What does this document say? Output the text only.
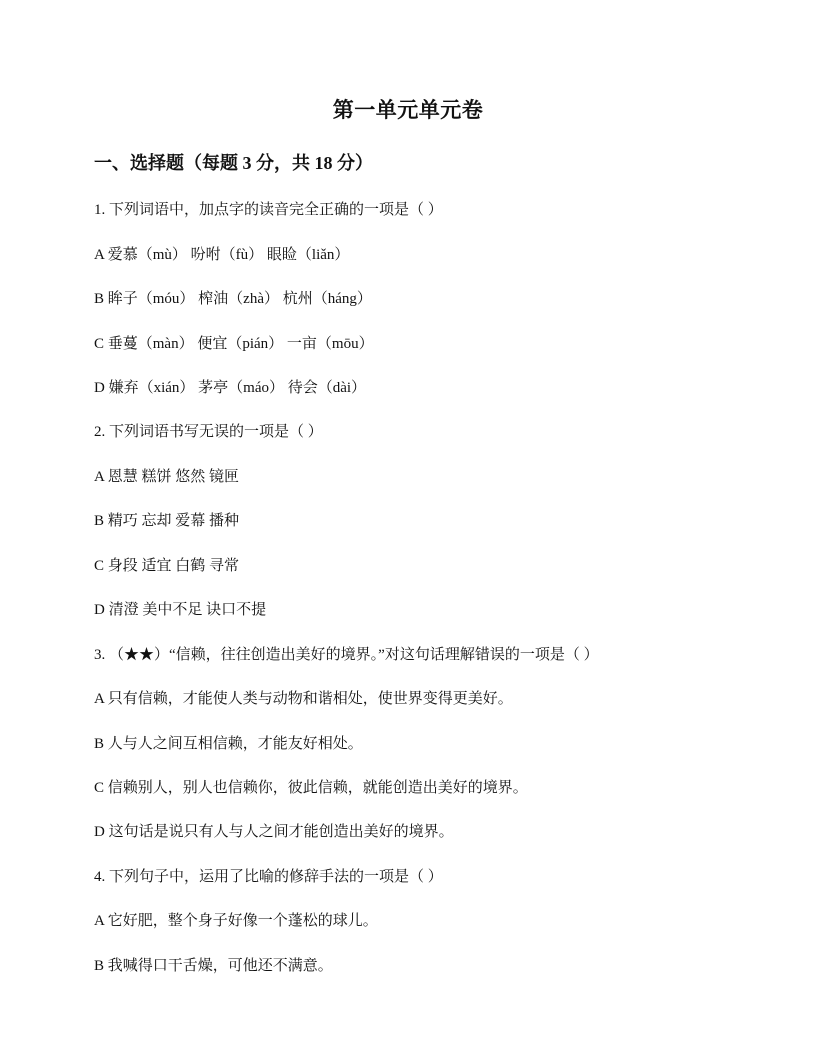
第一单元单元卷
一、选择题（每题 3 分，共 18 分）
1. 下列词语中，加点字的读音完全正确的一项是（ ）
A 爱慕（mù） 吩咐（fù） 眼睑（liǎn）
B 眸子（móu） 榨油（zhà） 杭州（háng）
C 垂蔓（màn） 便宜（pián） 一亩（mōu）
D 嫌弃（xián） 茅亭（máo） 待会（dài）
2. 下列词语书写无误的一项是（ ）
A 恩慧 糕饼 悠然 镜匣
B 精巧 忘却 爱幕 播种
C 身段 适宜 白鹤 寻常
D 清澄 美中不足 诀口不提
3. （★★）“信赖，往往创造出美好的境界。”对这句话理解错误的一项是（ ）
A 只有信赖，才能使人类与动物和谐相处，使世界变得更美好。
B 人与人之间互相信赖，才能友好相处。
C 信赖别人，别人也信赖你，彼此信赖，就能创造出美好的境界。
D 这句话是说只有人与人之间才能创造出美好的境界。
4. 下列句子中，运用了比喻的修辞手法的一项是（ ）
A 它好肥，整个身子好像一个蓬松的球儿。
B 我喊得口干舌燥，可他还不满意。
